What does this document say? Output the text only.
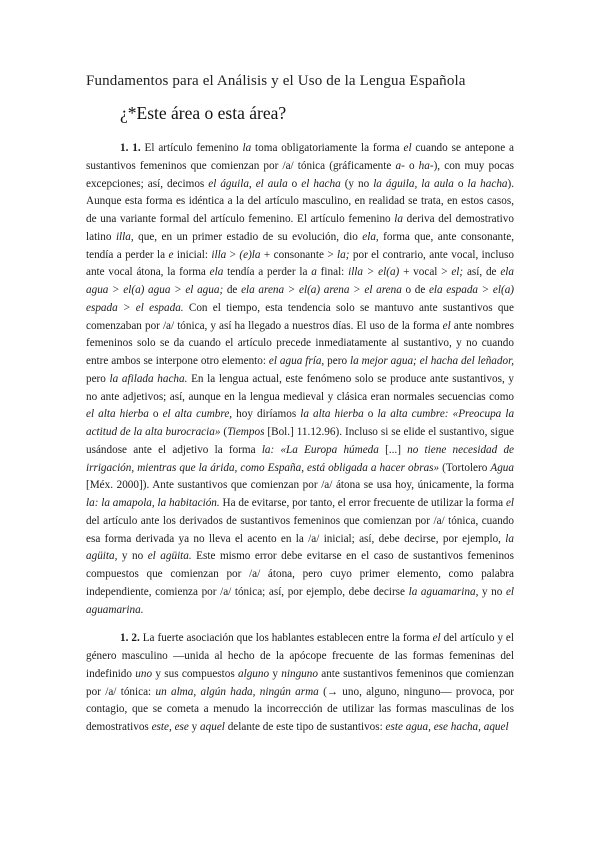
Fundamentos para el Análisis y el Uso de la Lengua Española
¿*Este área o esta área?

1. 1. El artículo femenino la toma obligatoriamente la forma el cuando se antepone a sustantivos femeninos que comienzan por /a/ tónica (gráficamente a- o ha-), con muy pocas excepciones; así, decimos el águila, el aula o el hacha (y no la águila, la aula o la hacha). Aunque esta forma es idéntica a la del artículo masculino, en realidad se trata, en estos casos, de una variante formal del artículo femenino. El artículo femenino la deriva del demostrativo latino illa, que, en un primer estadio de su evolución, dio ela, forma que, ante consonante, tendía a perder la e inicial: illa > (e)la + consonante > la; por el contrario, ante vocal, incluso ante vocal átona, la forma ela tendía a perder la a final: illa > el(a) + vocal > el; así, de ela agua > el(a) agua > el agua; de ela arena > el(a) arena > el arena o de ela espada > el(a) espada > el espada. Con el tiempo, esta tendencia solo se mantuvo ante sustantivos que comenzaban por /a/ tónica, y así ha llegado a nuestros días. El uso de la forma el ante nombres femeninos solo se da cuando el artículo precede inmediatamente al sustantivo, y no cuando entre ambos se interpone otro elemento: el agua fría, pero la mejor agua; el hacha del leñador, pero la afilada hacha. En la lengua actual, este fenómeno solo se produce ante sustantivos, y no ante adjetivos; así, aunque en la lengua medieval y clásica eran normales secuencias como el alta hierba o el alta cumbre, hoy diríamos la alta hierba o la alta cumbre: «Preocupa la actitud de la alta burocracia» (Tiempos [Bol.] 11.12.96). Incluso si se elide el sustantivo, sigue usándose ante el adjetivo la forma la: «La Europa húmeda [...] no tiene necesidad de irrigación, mientras que la árida, como España, está obligada a hacer obras» (Tortolero Agua [Méx. 2000]). Ante sustantivos que comienzan por /a/ átona se usa hoy, únicamente, la forma la: la amapola, la habitación. Ha de evitarse, por tanto, el error frecuente de utilizar la forma el del artículo ante los derivados de sustantivos femeninos que comienzan por /a/ tónica, cuando esa forma derivada ya no lleva el acento en la /a/ inicial; así, debe decirse, por ejemplo, la agüita, y no el agüita. Este mismo error debe evitarse en el caso de sustantivos femeninos compuestos que comienzan por /a/ átona, pero cuyo primer elemento, como palabra independiente, comienza por /a/ tónica; así, por ejemplo, debe decirse la aguamarina, y no el aguamarina.

1. 2. La fuerte asociación que los hablantes establecen entre la forma el del artículo y el género masculino —unida al hecho de la apócope frecuente de las formas femeninas del indefinido uno y sus compuestos alguno y ninguno ante sustantivos femeninos que comienzan por /a/ tónica: un alma, algún hada, ningún arma (→ uno, alguno, ninguno— provoca, por contagio, que se cometa a menudo la incorrección de utilizar las formas masculinas de los demostrativos este, ese y aquel delante de este tipo de sustantivos: este agua, ese hacha, aquel
